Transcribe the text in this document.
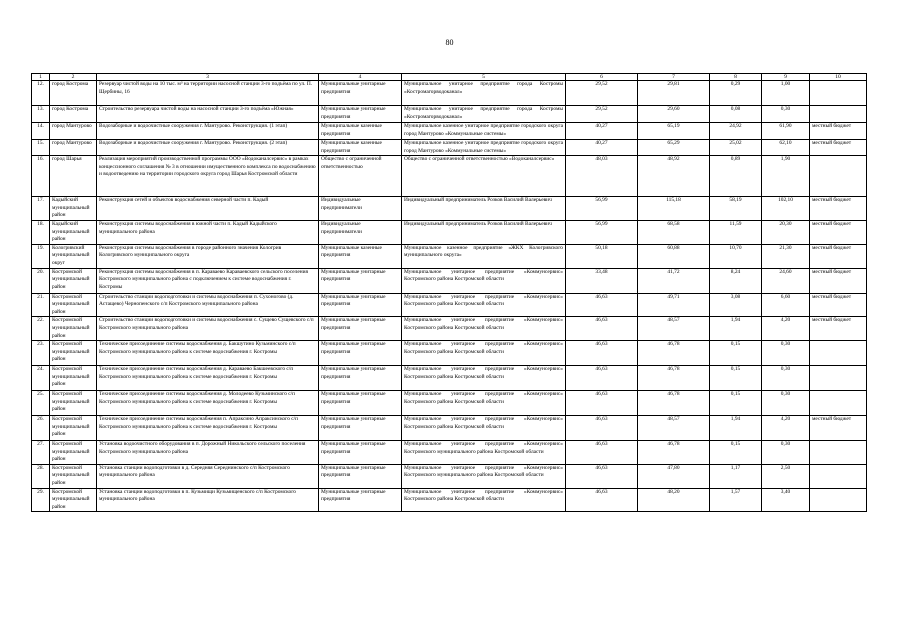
80
1	2	3	4	5	6	7	8	9	10
12.	город Кострома	Резервуар чистой воды на 10 тыс. м³ на территории насосной станции 3-го подъёма по ул. П. Щербины, 16	Муниципальные унитарные предприятия	Муниципальное унитарное предприятие города Костромы «Костромагорводоканал»	29,52	29,81	0,29	1,00	
13.	город Кострома	Строительство резервуара чистой воды на насосной станции 3-го подъёма «Южная»	Муниципальные унитарные предприятия	Муниципальное унитарное предприятие города Костромы «Костромагорводоканал»	29,52	29,60	0,08	0,30	
14.	город Мантурово	Водозаборные и водоочистные сооружения г. Мантурово. Реконструкция. (1 этап)	Муниципальные казенные предприятия	Муниципальное казенное унитарное предприятие городского округа город Мантурово «Коммунальные системы»	40,27	65,19	24,92	61,90	местный бюджет
15.	город Мантурово	Водозаборные и водоочистные сооружения г. Мантурово. Реконструкция. (2 этап)	Муниципальные казенные предприятия	Муниципальное казенное унитарное предприятие городского округа город Мантурово «Коммунальные системы»	40,27	65,29	25,02	62,10	местный бюджет
16.	город Шарья	Реализация мероприятий производственной программы ООО «Водоканалсервис» в рамках концессионного соглашения № 3 в отношении имущественного комплекса по водоснабжению и водоотведению на территории городского округа город Шарья Костромской области	Общество с ограниченной ответственностью	Общество с ограниченной ответственностью «Водоканалсервис»	48,03	48,92	0,89	1,90	
17.	Кадыйский муниципальный район	Реконструкция сетей и объектов водоснабжения северной части п. Кадый	Индивидуальные предприниматели	Индивидуальный предприниматель Розков Василий Валерьевич	56,99	115,18	58,19	102,10	местный бюджет
18.	Кадыйский муниципальный район	Реконструкция системы водоснабжения в южной части п. Кадый Кадыйского муниципального района	Индивидуальные предприниматели	Индивидуальный предприниматель Розков Василий Валерьевич	56,99	68,58	11,59	20,30	местный бюджет
19.	Кологривский муниципальный округ	Реконструкция системы водоснабжения в городе районного значения Кологрив Кологривского муниципального округа	Муниципальные казенные предприятия	Муниципальное казенное предприятие «ЖКХ Кологривского муниципального округа»	50,18	60,88	10,70	21,30	местный бюджет
20.	Костромской муниципальный район	Реконструкция системы водоснабжения в п. Караваево Караваевского сельского поселения Костромского муниципального района с подключением к системе водоснабжения г. Костромы	Муниципальные унитарные предприятия	Муниципальное унитарное предприятие «Коммунсервис» Костромского района Костромской области	33,48	41,72	8,24	24,60	местный бюджет
21.	Костромской муниципальный район	Строительство станции водоподготовки и системы водоснабжения п. Сухоногово (д. Астащево) Чернопенского с/п Костромского муниципального района	Муниципальные унитарные предприятия	Муниципальное унитарное предприятие «Коммунсервис» Костромского района Костромской области	46,63	49,71	3,08	6,60	местный бюджет
22.	Костромской муниципальный район	Строительство станции водоподготовки и системы водоснабжения с. Сущево Сущевского с/п Костромского муниципального района	Муниципальные унитарные предприятия	Муниципальное унитарное предприятие «Коммунсервис» Костромского района Костромской области	46,63	48,57	1,94	4,20	местный бюджет
23.	Костромской муниципальный район	Техническое присоединение системы водоснабжения д. Бакшутино Кузьминского с/п Костромского муниципального района к системе водоснабжения г. Костромы	Муниципальные унитарные предприятия	Муниципальное унитарное предприятие «Коммунсервис» Костромского района Костромской области	46,63	46,78	0,15	0,30	
24.	Костромской муниципальный район	Техническое присоединение системы водоснабжения д. Караваево Бакшеевского с/п Костромского муниципального района к системе водоснабжения г. Костромы	Муниципальные унитарные предприятия	Муниципальное унитарное предприятие «Коммунсервис» Костромского района Костромской области	46,63	46,78	0,15	0,30	
25.	Костромской муниципальный район	Техническое присоединение системы водоснабжения д. Молодеево Кузьминского с/п Костромского муниципального района к системе водоснабжения г. Костромы	Муниципальные унитарные предприятия	Муниципальное унитарное предприятие «Коммунсервис» Костромского района Костромской области	46,63	46,78	0,15	0,30	
26.	Костромской муниципальный район	Техническое присоединение системы водоснабжения п. Апраксино Апраксинского с/п Костромского муниципального района к системе водоснабжения г. Костромы	Муниципальные унитарные предприятия	Муниципальное унитарное предприятие «Коммунсервис» Костромского района Костромской области	46,63	48,57	1,94	4,20	местный бюджет
27.	Костромской муниципальный район	Установка водоочистного оборудования в п. Дорожный Никольского сельского поселения Костромского муниципального района	Муниципальные унитарные предприятия	Муниципальное унитарное предприятие «Коммунсервис» Костромского муниципального района Костромской области	46,63	46,78	0,15	0,30	
28.	Костромской муниципальный район	Установка станции водоподготовки в д. Середняя Середнинского с/п Костромского муниципального района	Муниципальные унитарные предприятия	Муниципальное унитарное предприятие «Коммунсервис» Костромского муниципального района Костромской области	46,63	47,80	1,17	2,50	
29.	Костромской муниципальный район	Установка станции водоподготовки в п. Кузьмищи Кузьмищенского с/п Костромского муниципального района	Муниципальные унитарные предприятия	Муниципальное унитарное предприятие «Коммунсервис» Костромского района Костромской области	46,63	48,20	1,57	3,40	
